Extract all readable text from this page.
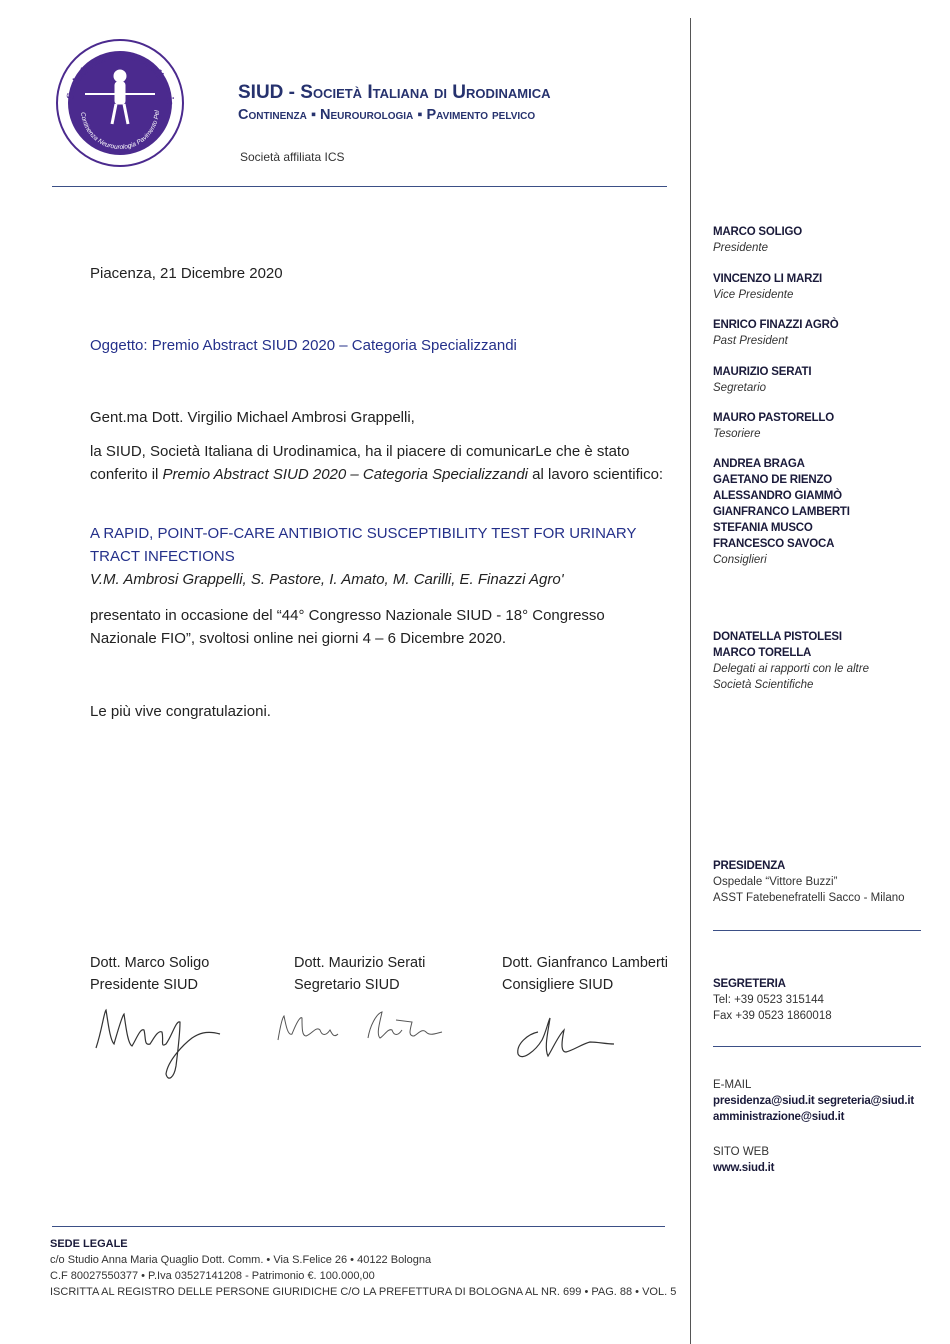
Società Italiana di Urodinamic
Continenza Neurourologia Pavimento Pel
SIUD - Società Italiana di Urodinamica
Continenza ▪ Neurourologia ▪ Pavimento pelvico
Società affiliata ICS
Piacenza, 21 Dicembre 2020
Oggetto: Premio Abstract SIUD 2020 – Categoria Specializzandi
Gent.ma Dott. Virgilio Michael Ambrosi Grappelli,
la SIUD, Società Italiana di Urodinamica, ha il piacere di comunicarLe che è stato conferito il Premio Abstract SIUD 2020 – Categoria Specializzandi al lavoro scientifico:
A RAPID, POINT-OF-CARE ANTIBIOTIC SUSCEPTIBILITY TEST FOR URINARY TRACT INFECTIONS
V.M. Ambrosi Grappelli, S. Pastore, I. Amato, M. Carilli, E. Finazzi Agro'
presentato in occasione del “44° Congresso Nazionale SIUD - 18° Congresso Nazionale FIO”, svoltosi online nei giorni 4 – 6 Dicembre 2020.
Le più vive congratulazioni.
Dott. Marco Soligo
Presidente SIUD
Dott. Maurizio Serati
Segretario SIUD
Dott. Gianfranco Lamberti
Consigliere SIUD
MARCO SOLIGO
Presidente
VINCENZO LI MARZI
Vice Presidente
ENRICO FINAZZI AGRÒ
Past President
MAURIZIO SERATI
Segretario
MAURO PASTORELLO
Tesoriere
ANDREA BRAGA
GAETANO DE RIENZO
ALESSANDRO GIAMMÒ
GIANFRANCO LAMBERTI
STEFANIA MUSCO
FRANCESCO SAVOCA
Consiglieri
DONATELLA PISTOLESI
MARCO TORELLA
Delegati ai rapporti con le altre
Società Scientifiche
PRESIDENZA
Ospedale “Vittore Buzzi”
ASST Fatebenefratelli Sacco - Milano
SEGRETERIA
Tel: +39 0523 315144
Fax +39 0523 1860018
E-MAIL
presidenza@siud.it segreteria@siud.it
amministrazione@siud.it
SITO WEB
www.siud.it
SEDE LEGALE
c/o Studio Anna Maria Quaglio Dott. Comm. • Via S.Felice 26 • 40122 Bologna
C.F 80027550377 • P.Iva 03527141208 - Patrimonio €. 100.000,00
ISCRITTA AL REGISTRO DELLE PERSONE GIURIDICHE C/O LA PREFETTURA DI BOLOGNA AL NR. 699 • PAG. 88 • VOL. 5
